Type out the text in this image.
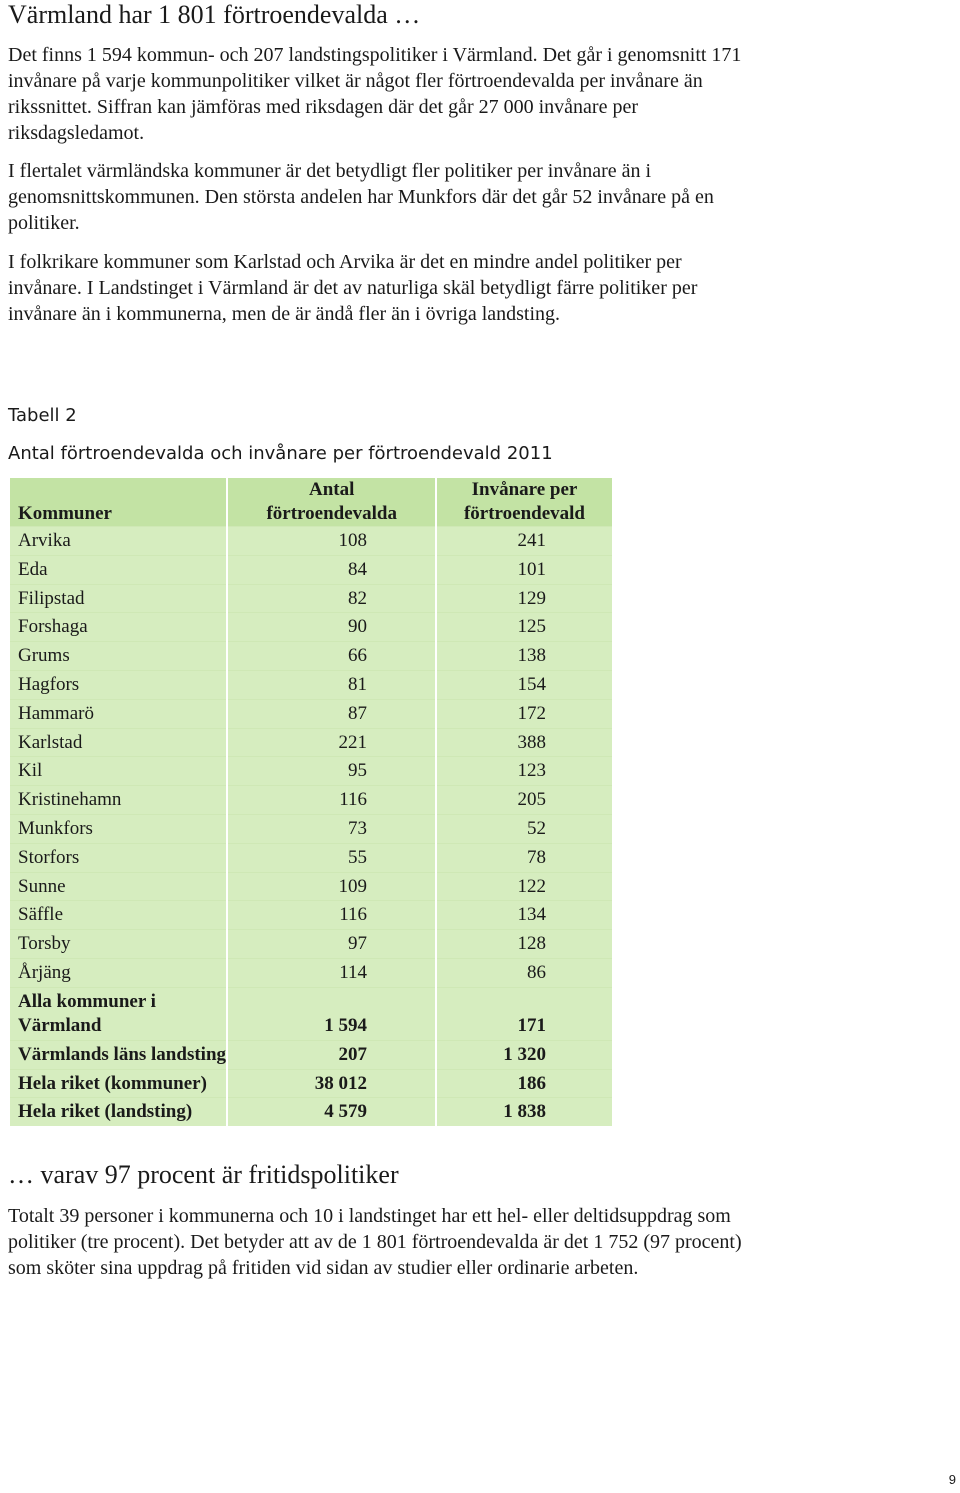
Värmland har 1 801 förtroendevalda …

Det finns 1 594 kommun- och 207 landstingspolitiker i Värmland. Det går i genomsnitt 171 invånare på varje kommunpolitiker vilket är något fler förtroendevalda per invånare än rikssnittet. Siffran kan jämföras med riksdagen där det går 27 000 invånare per riksdagsledamot.

I flertalet värmländska kommuner är det betydligt fler politiker per invånare än i genomsnittskommunen. Den största andelen har Munkfors där det går 52 invånare på en politiker.

I folkrikare kommuner som Karlstad och Arvika är det en mindre andel politiker per invånare. I Landstinget i Värmland är det av naturliga skäl betydligt färre politiker per invånare än i kommunerna, men de är ändå fler än i övriga landsting.

Tabell 2

Antal förtroendevalda och invånare per förtroendevald 2011

Kommuner	Antal förtroendevalda	Invånare per förtroendevald
Arvika	108	241
Eda	84	101
Filipstad	82	129
Forshaga	90	125
Grums	66	138
Hagfors	81	154
Hammarö	87	172
Karlstad	221	388
Kil	95	123
Kristinehamn	116	205
Munkfors	73	52
Storfors	55	78
Sunne	109	122
Säffle	116	134
Torsby	97	128
Årjäng	114	86
Alla kommuner i Värmland	1 594	171
Värmlands läns landsting	207	1 320
Hela riket (kommuner)	38 012	186
Hela riket (landsting)	4 579	1 838
… varav 97 procent är fritidspolitiker

Totalt 39 personer i kommunerna och 10 i landstinget har ett hel- eller deltidsuppdrag som politiker (tre procent). Det betyder att av de 1 801 förtroendevalda är det 1 752 (97 procent) som sköter sina uppdrag på fritiden vid sidan av studier eller ordinarie arbeten.

9
